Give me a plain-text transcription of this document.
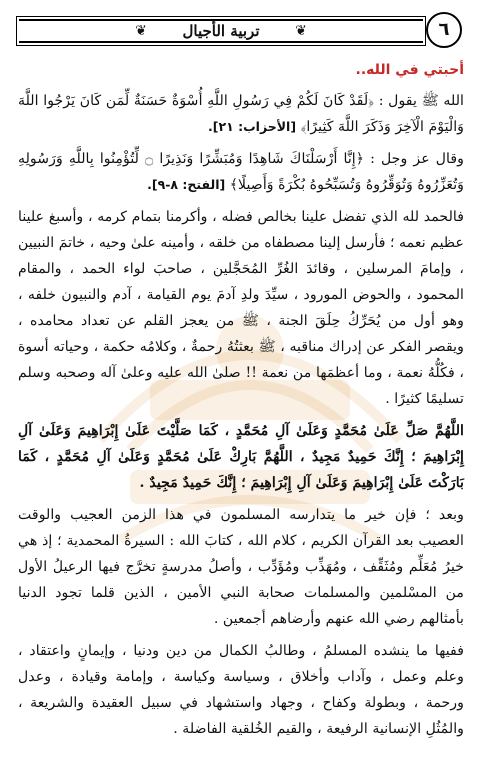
❦	تربية الأجيال	❦	٦
أحبتي في الله..

الله ﷺ يقول : ﴿لَقَدْ كَانَ لَكُمْ فِي رَسُولِ اللَّهِ أُسْوَةٌ حَسَنَةٌ لِّمَن كَانَ يَرْجُوا اللَّهَ وَالْيَوْمَ الْآخِرَ وَذَكَرَ اللَّهَ كَثِيرًا﴾ [الأحزاب: ٢١].

وقال عز وجل : ﴿إِنَّا أَرْسَلْنَاكَ شَاهِدًا وَمُبَشِّرًا وَنَذِيرًا ۝ لِّتُؤْمِنُوا بِاللَّهِ وَرَسُولِهِ وَتُعَزِّرُوهُ وَتُوَقِّرُوهُ وَتُسَبِّحُوهُ بُكْرَةً وَأَصِيلًا﴾ [الفتح: ٨-٩].

فالحمد لله الذي تفضل علينا بخالص فضله ، وأكرمنا بتمام كرمه ، وأسبغ علينا عظيم نعمه ؛ فأرسل إلينا مصطفاه من خلقه ، وأمينه علىٰ وحيه ، خاتمَ النبيين ، وإمامَ المرسلين ، وقائدَ الغُرِّ المُحَجَّلين ، صاحبَ لواء الحمد ، والمقام المحمود ، والحوض المورود ، سيِّدَ ولدِ آدمَ يوم القيامة ، آدم والنبيون خلفه ، وهو أول من يُحَرِّكُ حِلَقَ الجنة ، ﷺ من يعجز القلم عن تعداد محامده ، ويقصر الفكر عن إدراك مناقبه ، ﷺ بعثتُهُ رحمةٌ ، وكلامُه حكمة ، وحياته أسوة ، فكُلُّهُ نعمة ، وما أعظمَها من نعمة !! صلىٰ الله عليه وعلىٰ آله وصحبه وسلم تسليمًا كثيرًا .

اللَّهُمَّ صَلِّ عَلَىٰ مُحَمَّدٍ وَعَلَىٰ آلِ مُحَمَّدٍ ، كَمَا صَلَّيْتَ عَلَىٰ إِبْرَاهِيمَ وَعَلَىٰ آلِ إِبْرَاهِيمَ ؛ إِنَّكَ حَمِيدٌ مَجِيدٌ ، اللَّهُمَّ بَارِكْ عَلَىٰ مُحَمَّدٍ وَعَلَىٰ آلِ مُحَمَّدٍ ، كَمَا بَارَكْتَ عَلَىٰ إِبْرَاهِيمَ وَعَلَىٰ آلِ إِبْرَاهِيمَ ؛ إِنَّكَ حَمِيدٌ مَجِيدٌ .

وبعد ؛ فإن خير ما يتدارسه المسلمون في هذا الزمن العجيب والوقت العصيب بعد القرآن الكريم ، كلام الله ، كتابَ الله : السيرةُ المحمدية ؛ إذ هي خيرُ مُعَلِّم ومُثَقِّف ، ومُهَذِّب ومُؤَدِّب ، وأصلُ مدرسةٍ تخرَّج فيها الرعيلُ الأول من المسْلمين والمسلمات صحابة النبي الأمين ، الذين قلما تجود الدنيا بأمثالهم رضي الله عنهم وأرضاهم أجمعين .

ففيها ما ينشده المسلمُ ، وطالبُ الكمال من دين ودنيا ، وإيمانٍ واعتقاد ، وعلم وعمل ، وآداب وأخلاق ، وسياسة وكياسة ، وإمامة وقيادة ، وعدل ورحمة ، وبطولة وكفاح ، وجهاد واستشهاد في سبيل العقيدة والشريعة ، والمُثُلِ الإنسانية الرفيعة ، والقيم الخُلقية الفاضلة .
